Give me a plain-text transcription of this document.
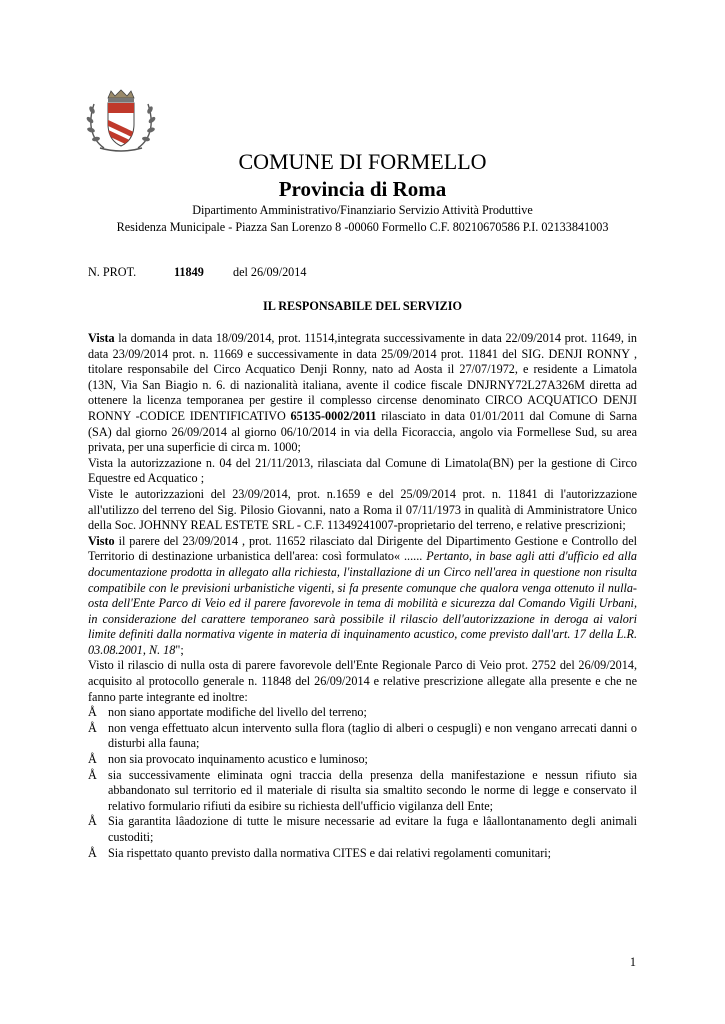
COMUNE DI FORMELLO
Provincia di Roma
Dipartimento Amministrativo/Finanziario Servizio Attività Produttive
Residenza Municipale - Piazza San Lorenzo 8 -00060 Formello C.F. 80210670586 P.I. 02133841003
N. PROT.	11849 del 26/09/2014
IL RESPONSABILE DEL SERVIZIO

Vista la domanda in data 18/09/2014, prot. 11514,integrata successivamente in data 22/09/2014 prot. 11649, in data 23/09/2014 prot. n. 11669 e successivamente in data 25/09/2014 prot. 11841 del SIG. DENJI RONNY , titolare responsabile del Circo Acquatico Denji Ronny, nato ad Aosta il 27/07/1972, e residente a Limatola (13N, Via San Biagio n. 6. di nazionalità italiana, avente il codice fiscale DNJRNY72L27A326M diretta ad ottenere la licenza temporanea per gestire il complesso circense denominato CIRCO ACQUATICO DENJI RONNY -CODICE IDENTIFICATIVO 65135-0002/2011 rilasciato in data 01/01/2011 dal Comune di Sarna (SA) dal giorno 26/09/2014 al giorno 06/10/2014 in via della Ficoraccia, angolo via Formellese Sud, su area privata, per una superficie di circa m. 1000;

Vista la autorizzazione n. 04 del 21/11/2013, rilasciata dal Comune di Limatola(BN) per la gestione di Circo Equestre ed Acquatico ;

Viste le autorizzazioni del 23/09/2014, prot. n.1659 e del 25/09/2014 prot. n. 11841 di l'autorizzazione all'utilizzo del terreno del Sig. Pilosio Giovanni, nato a Roma il 07/11/1973 in qualità di Amministratore Unico della Soc. JOHNNY REAL ESTETE SRL - C.F. 11349241007-proprietario del terreno, e relative prescrizioni;

Visto il parere del 23/09/2014 , prot. 11652 rilasciato dal Dirigente del Dipartimento Gestione e Controllo del Territorio di destinazione urbanistica dell'area: così formulato« ...... Pertanto, in base agli atti d'ufficio ed alla documentazione prodotta in allegato alla richiesta, l'installazione di un Circo nell'area in questione non risulta compatibile con le previsioni urbanistiche vigenti, si fa presente comunque che qualora venga ottenuto il nulla-osta dell'Ente Parco di Veio ed il parere favorevole in tema di mobilità e sicurezza dal Comando Vigili Urbani, in considerazione del carattere temporaneo sarà possibile il rilascio dell'autorizzazione in deroga ai valori limite definiti dalla normativa vigente in materia di inquinamento acustico, come previsto dall'art. 17 della L.R. 03.08.2001, N. 18";

Visto il rilascio di nulla osta di parere favorevole dell'Ente Regionale Parco di Veio prot. 2752 del 26/09/2014, acquisito al protocollo generale n. 11848 del 26/09/2014 e relative prescrizione allegate alla presente e che ne fanno parte integrante ed inoltre:

Å non siano apportate modifiche del livello del terreno;
Å non venga effettuato alcun intervento sulla flora (taglio di alberi o cespugli) e non vengano arrecati danni o disturbi alla fauna;
Å non sia provocato inquinamento acustico e luminoso;
Å sia successivamente eliminata ogni traccia della presenza della manifestazione e nessun rifiuto sia abbandonato sul territorio ed il materiale di risulta sia smaltito secondo le norme di legge e conservato il relativo formulario rifiuti da esibire su richiesta dell'ufficio vigilanza dell Ente;
Å Sia garantita lâadozione di tutte le misure necessarie ad evitare la fuga e lâallontanamento degli animali custoditi;
Å Sia rispettato quanto previsto dalla normativa CITES e dai relativi regolamenti comunitari;
1
